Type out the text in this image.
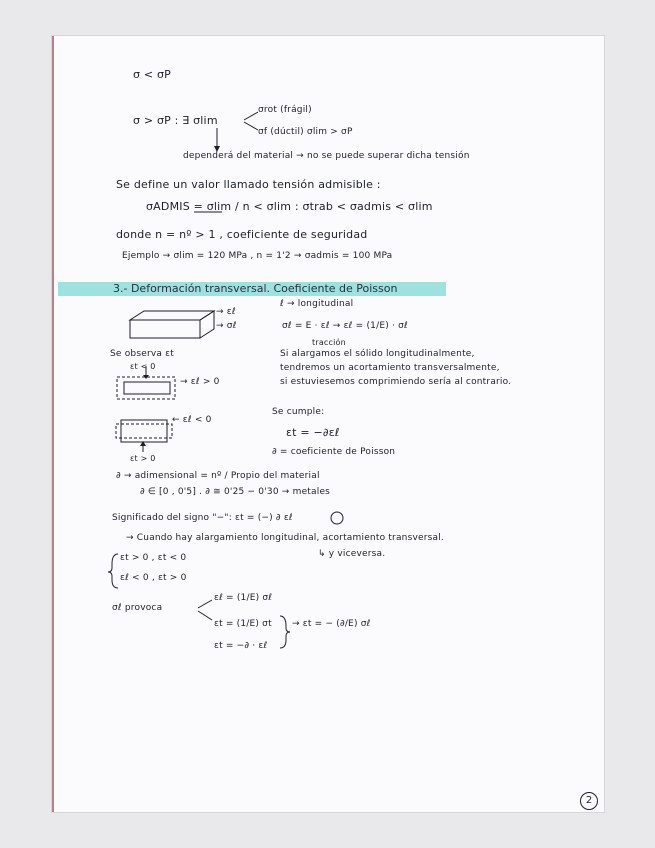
σ < σP
σ > σP : ∃ σlim
σrot (frágil)
σf (dúctil) σlim > σP
dependerá del material → no se puede superar dicha tensión
Se define un valor llamado tensión admisible :
σADMIS = σlim / n < σlim : σtrab < σadmis < σlim
donde n = nº > 1 , coeficiente de seguridad
Ejemplo → σlim = 120 MPa , n = 1'2 → σadmis = 100 MPa
3.- Deformación transversal. Coeficiente de Poisson
ℓ → longitudinal
→ εℓ
→ σℓ	σℓ = E · εℓ → εℓ = (1/E) · σℓ
tracción
Se observa εt	Si alargamos el sólido longitudinalmente,
εt < 0	tendremos un acortamiento transversalmente,
→ εℓ > 0	si estuviesemos comprimiendo sería al contrario.
Se cumple:
← εℓ < 0
εt = −∂εℓ
∂ = coeficiente de Poisson
εt > 0
∂ → adimensional = nº / Propio del material
∂ ∈ [0 , 0'5] . ∂ ≅ 0'25 − 0'30 → metales
Significado del signo "−": εt = (−) ∂ εℓ
→ Cuando hay alargamiento longitudinal, acortamiento transversal.
εt > 0 , εt < 0	↳ y viceversa.
εℓ < 0 , εt > 0
σℓ provoca
εℓ = (1/E) σℓ
εt = (1/E) σt → εt = − (∂/E) σℓ
εt = −∂ · εℓ
2
